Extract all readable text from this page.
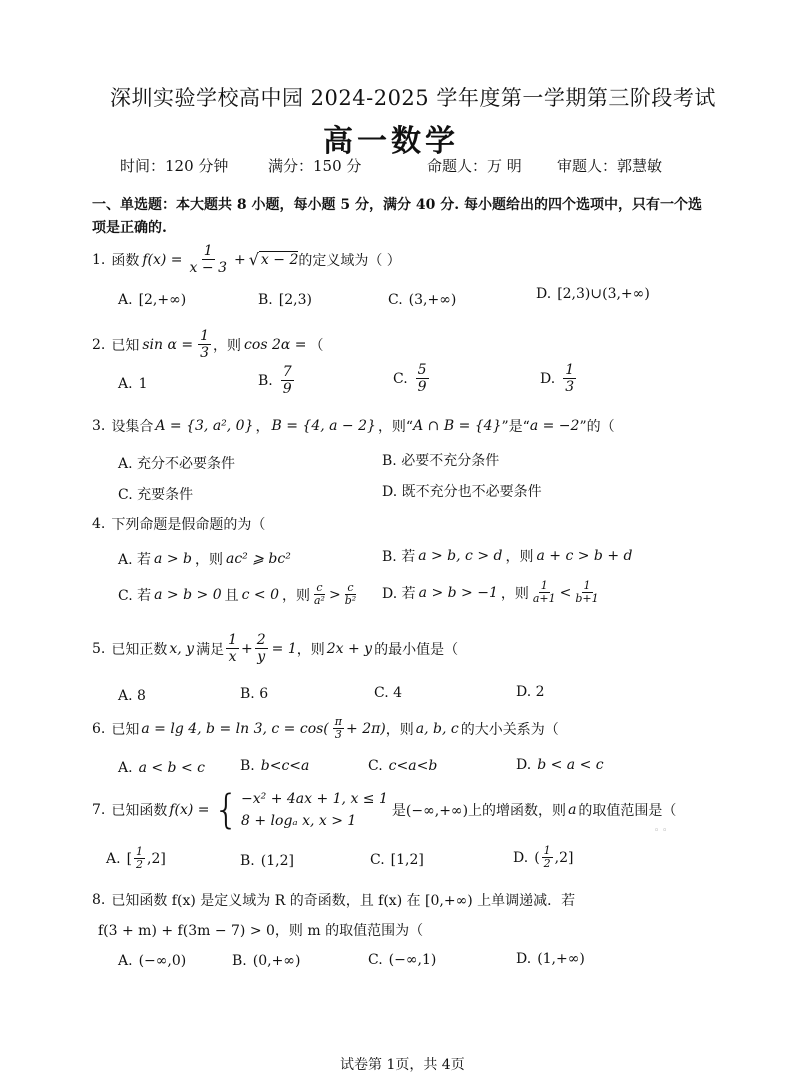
深圳实验学校高中园 2024-2025 学年度第一学期第三阶段考试
高一数学
时间：120 分钟	满分：150 分	命题人：万 明 审题人：郭慧敏
一、单选题：本大题共 8 小题，每小题 5 分，满分 40 分. 每小题给出的四个选项中，只有一个选项是正确的.
1. 函数 $f(x) = \frac{1}{x - 3}$ + √ x − 2 的定义域为（ ）
A. [2,+∞)	B. [2,3)	C. (3,+∞)	D. [2,3)∪(3,+∞)
2. 已知 $\sin \alpha = \frac{1}{3}$ ，则 cos 2α = （
A. 1	B. $\frac{7}{9}$	C. $\frac{5}{9}$	D. $\frac{1}{3}$
3. 设集合 A = {3, a², 0} ， B = {4, a − 2} ，则“ A ∩ B = {4} ”是“ a = −2 ”的（
A. 充分不必要条件	B. 必要不充分条件
C. 充要条件	D. 既不充分也不必要条件
4. 下列命题是假命题的为（
A. 若 a > b ，则 ac² ⩾ bc²	B. 若 a > b, c > d ，则 a + c > b + d
C. 若 a > b > 0 且 c < 0 ，则 $\frac{c}{\text{a²}} > \frac{c}{\text{b²}} D$. 若 a > b > −1 ，则 $\frac{1}{a+1} < \frac{1}{b+1}$
5. 已知正数 x, y 满足 $\frac{1}{x} + \frac{2}{y} = 1$ ，则 2x + y 的最小值是（
A. 8	B. 6	C. 4	D. 2
6. 已知 a = lg 4, b = ln 3, $c = \cos( \frac{\pi}{3} + 2\pi)$ ，则 a, b, c 的大小关系为（
A. a < b < c	B. b<c<a	C. c<a<b	D. b < a < c
7. 已知函数 f(x) = { −x² + 4ax + 1, x ≤ 1
8 + logₐ x, x > 1
是(−∞,+∞)上的增函数，则 a 的取值范围是（
◦ ◦
A. [ $\frac{1}{2} ,2$]	B. (1,2]	C. [1,2]	D. ( $\frac{1}{2} ,2$]
8. 已知函数 f(x) 是定义域为 R 的奇函数，且 f(x) 在 [0,+∞) 上单调递减．若
f(3 + m) + f(3m − 7) > 0，则 m 的取值范围为（
A. (−∞,0)	B. (0,+∞)	C. (−∞,1)	D. (1,+∞)
试卷第 1页，共 4页
